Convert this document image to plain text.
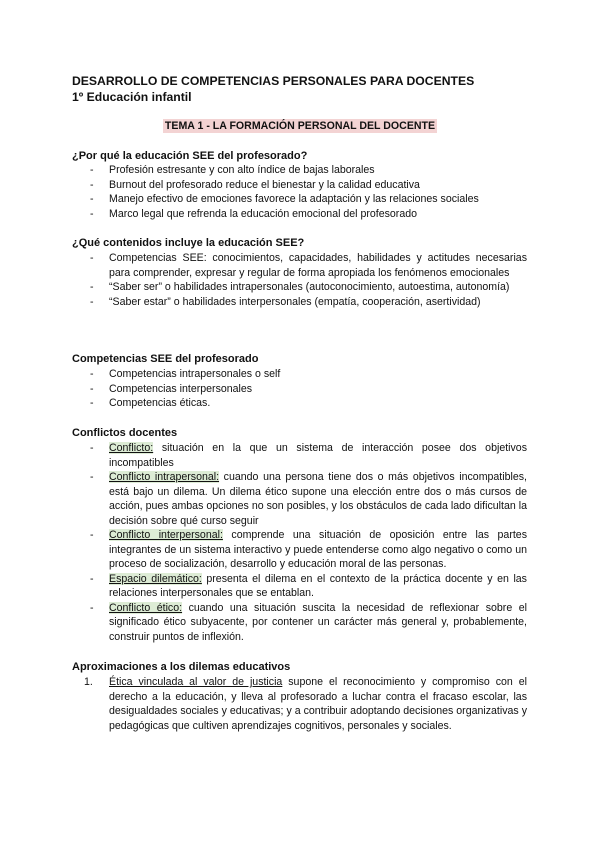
DESARROLLO DE COMPETENCIAS PERSONALES PARA DOCENTES
1º Educación infantil
TEMA 1 - LA FORMACIÓN PERSONAL DEL DOCENTE
¿Por qué la educación SEE del profesorado?
- Profesión estresante y con alto índice de bajas laborales
- Burnout del profesorado reduce el bienestar y la calidad educativa
- Manejo efectivo de emociones favorece la adaptación y las relaciones sociales
- Marco legal que refrenda la educación emocional del profesorado
¿Qué contenidos incluye la educación SEE?
- Competencias SEE: conocimientos, capacidades, habilidades y actitudes necesarias para comprender, expresar y regular de forma apropiada los fenómenos emocionales
- “Saber ser” o habilidades intrapersonales (autoconocimiento, autoestima, autonomía)
- “Saber estar” o habilidades interpersonales (empatía, cooperación, asertividad)
Competencias SEE del profesorado
- Competencias intrapersonales o self
- Competencias interpersonales
- Competencias éticas.
Conflictos docentes
- Conflicto: situación en la que un sistema de interacción posee dos objetivos incompatibles
- Conflicto intrapersonal: cuando una persona tiene dos o más objetivos incompatibles, está bajo un dilema. Un dilema ético supone una elección entre dos o más cursos de acción, pues ambas opciones no son posibles, y los obstáculos de cada lado dificultan la decisión sobre qué curso seguir
- Conflicto interpersonal: comprende una situación de oposición entre las partes integrantes de un sistema interactivo y puede entenderse como algo negativo o como un proceso de socialización, desarrollo y educación moral de las personas.
- Espacio dilemático: presenta el dilema en el contexto de la práctica docente y en las relaciones interpersonales que se entablan.
- Conflicto ético: cuando una situación suscita la necesidad de reflexionar sobre el significado ético subyacente, por contener un carácter más general y, probablemente, construir puntos de inflexión.
Aproximaciones a los dilemas educativos
1. Ética vinculada al valor de justicia supone el reconocimiento y compromiso con el derecho a la educación, y lleva al profesorado a luchar contra el fracaso escolar, las desigualdades sociales y educativas; y a contribuir adoptando decisiones organizativas y pedagógicas que cultiven aprendizajes cognitivos, personales y sociales.
